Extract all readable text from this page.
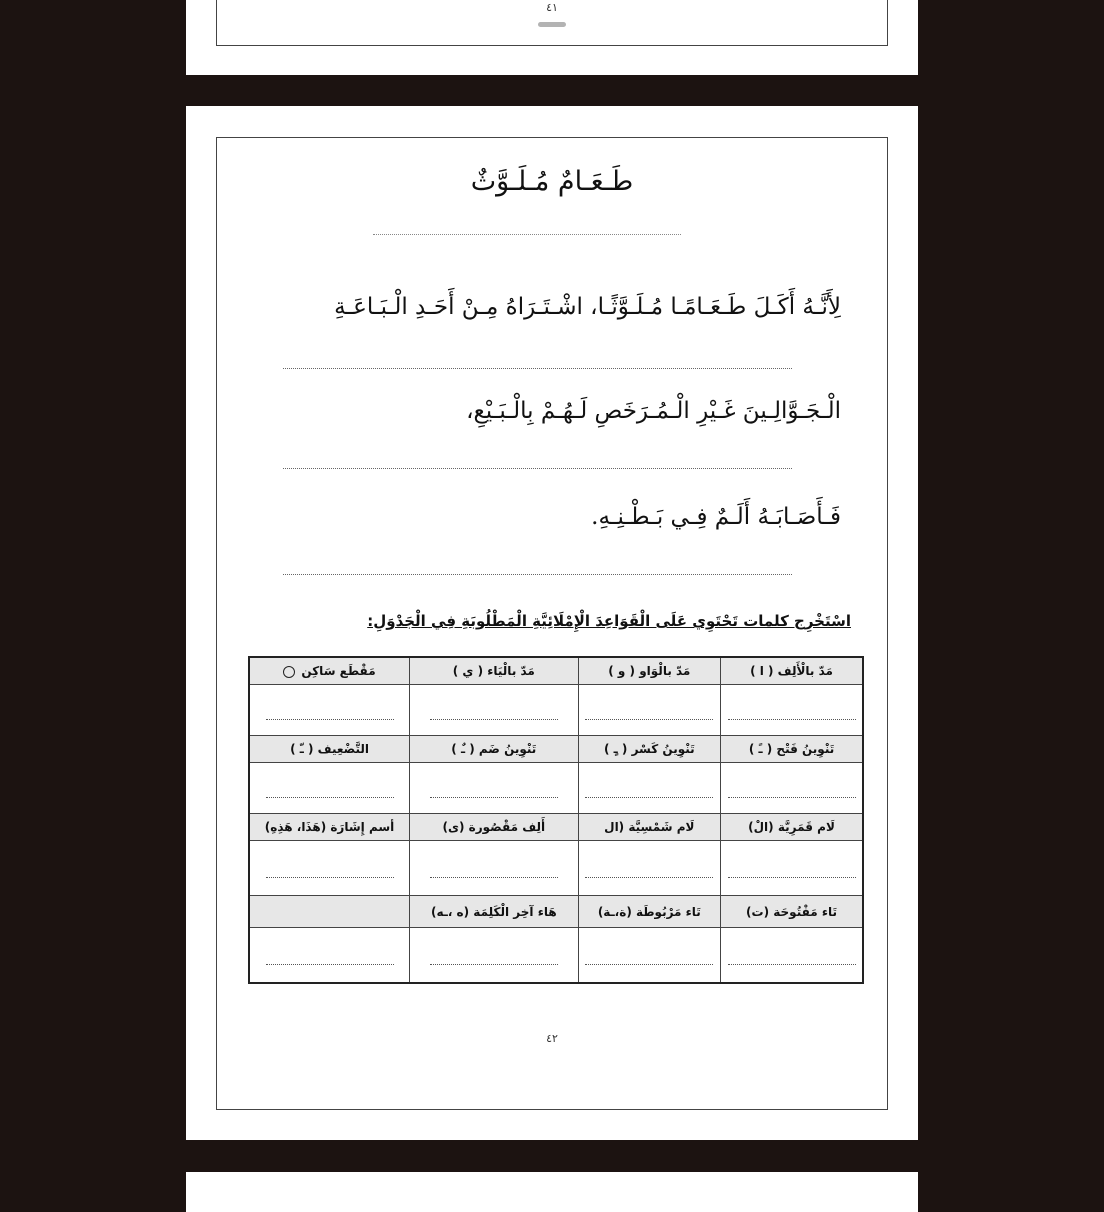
٤١
طَـعَـامٌ مُـلَـوَّثٌ
لِأَنَّـهُ أَكَـلَ طَـعَـامًـا مُـلَـوَّثًـا، اشْـتَـرَاهُ مِـنْ أَحَـدِ الْـبَـاعَـةِ
الْـجَـوَّالِـينَ غَـيْرِ الْـمُـرَخَصِ لَـهُـمْ بِالْـبَـيْعِ،
فَـأَصَـابَـهُ أَلَـمٌ فِـي بَـطْـنِـهِ.
اسْتَخْرِج كلمات تَحْتَوِي عَلَى الْقَوَاعِدَ الْإِمْلَائِيَّةِ الْمَطْلُوبَةِ فِي الْجَدْوَلِ:
مَدّ بالْأَلِف ( ا )	مَدّ بالْوَاو ( و )	مَدّ بالْيَاء ( ي )	مَقْطَع سَاكِن

تَنْوِينُ فَتْح ( ـً )	تَنْوِينُ كَسْر ( ـٍ )	تَنْوِينُ ضَم ( ـٌ )	التَّضْعِيف ( ـّ )

لَام قَمَرِيَّة (الْ)	لَام شَمْسِيَّة (ال	أَلِف مَقْصُورة (ى)	أسم إِشَارَة (هَذَا، هَذِهِ)

تَاء مَفْتُوحَة (ت)	تَاء مَرْبُوطَة (ة،ـة)	هَاء آخِر الْكَلِمَة (ه ،ـه)	

٤٢
